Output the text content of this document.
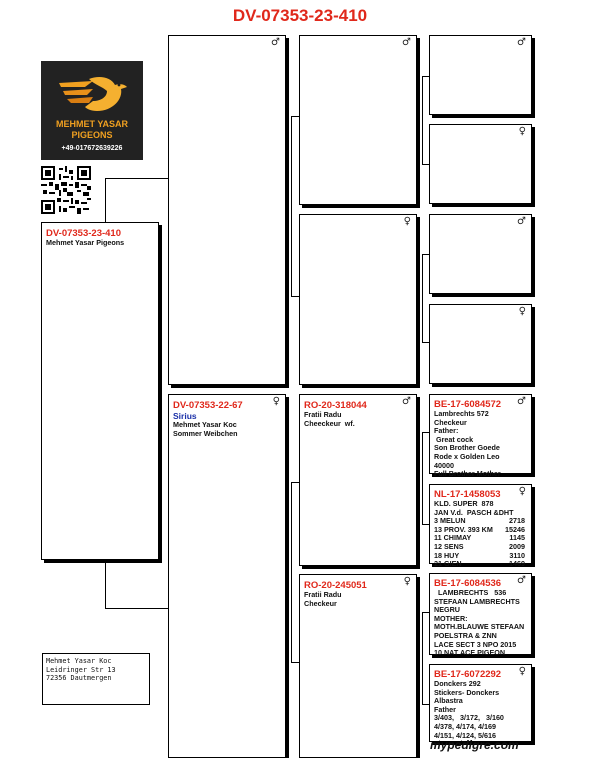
DV-07353-23-410
MEHMET YASAR
PIGEONS
+49-017672639226
DV-07353-23-410
Mehmet Yasar Pigeons
♂
♀
DV-07353-22-67
Sirius
Mehmet Yasar Koc
Sommer Weibchen
♂
♀
♂
RO-20-318044
Fratii Radu
Cheeckeur  wf.
♀
RO-20-245051
Fratii Radu
Checkeur
♂
♀
♂
♀
♂
BE-17-6084572
Lambrechts 572
Checkeur
Father:
Great cock
Son Brother Goede
Rode x Golden Leo
40000
Full Brother Mother
♀
NL-17-1458053
KLD. SUPER  878
JAN V.d.  PASCH &DHT
3 MELUN	2718
13 PROV. 393 KM 15246
11 CHIMAY	1145
12 SENS	2009
18 HUY	3110
21 GIEN	1469
♂
BE-17-6084536
LAMBRECHTS   536
STEFAAN LAMBRECHTS
NEGRU
MOTHER:
MOTH.BLAUWE STEFAAN
POELSTRA & ZNN
LACE SECT 3 NPO 2015
10 NAT ACE PIGEON
♀
BE-17-6072292
Donckers 292
Stickers- Donckers
Albastra
Father
3/403,   3/172,   3/160
4/378, 4/174, 4/169
4/151, 4/124, 5/616
Mehmet Yasar Koc
Leidringer Str 13
72356 Dautmergen
mypedigre.com
